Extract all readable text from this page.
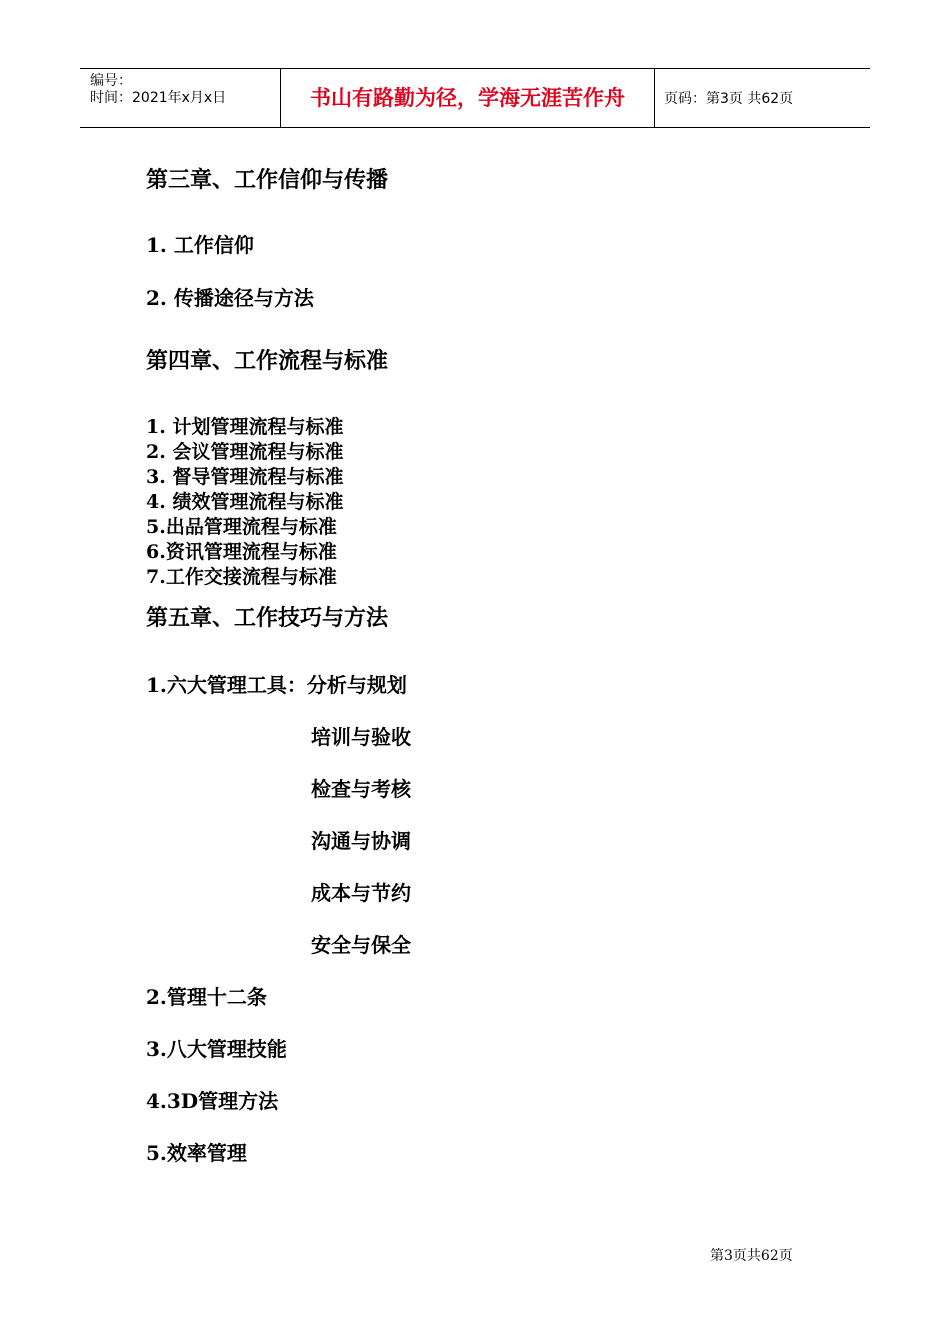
编号：
时间：2021年x月x日	书山有路勤为径，学海无涯苦作舟	页码：第3页 共62页
第三章、工作信仰与传播
1. 工作信仰
2. 传播途径与方法
第四章、工作流程与标准
1. 计划管理流程与标准
2. 会议管理流程与标准
3. 督导管理流程与标准
4. 绩效管理流程与标准
5.出品管理流程与标准
6.资讯管理流程与标准
7.工作交接流程与标准
第五章、工作技巧与方法
1.六大管理工具：分析与规划
培训与验收
检查与考核
沟通与协调
成本与节约
安全与保全
2.管理十二条
3.八大管理技能
4.3D管理方法
5.效率管理
第3页共62页
